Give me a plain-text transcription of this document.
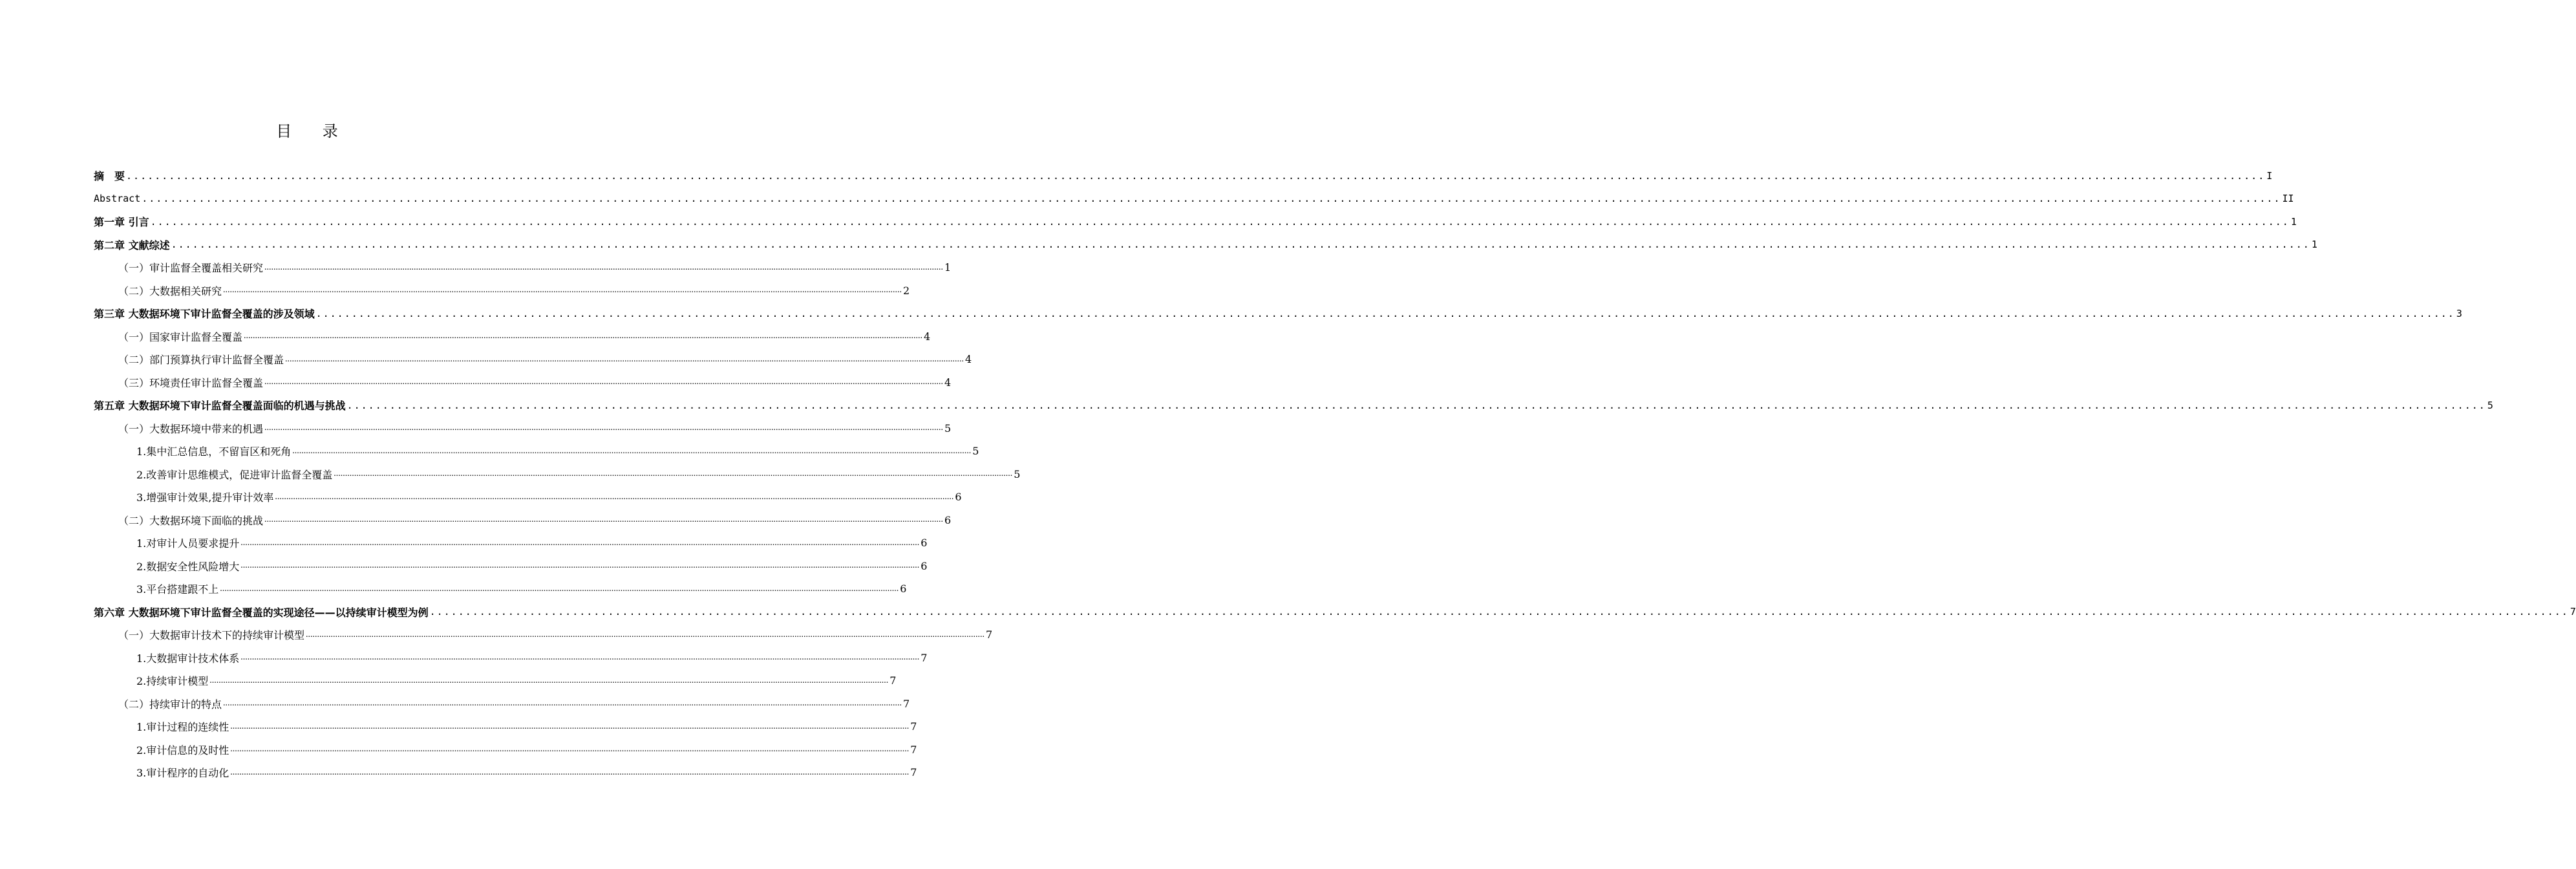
目 录
摘　要 ............................................................................................................................................................................................................................................................................................................ I
Abstract ............................................................................................................................................................................................................................................................................................................ II
第一章 引言 ............................................................................................................................................................................................................................................................................................................ 1
第二章 文献综述 ............................................................................................................................................................................................................................................................................................................ 1
（一）审计监督全覆盖相关研究 ............................................................................................................................................................................................................................................................................................................ 1
（二）大数据相关研究 ............................................................................................................................................................................................................................................................................................................ 2
第三章 大数据环境下审计监督全覆盖的涉及领域 ............................................................................................................................................................................................................................................................................................................ 3
（一）国家审计监督全覆盖 ............................................................................................................................................................................................................................................................................................................ 4
（二）部门预算执行审计监督全覆盖 ............................................................................................................................................................................................................................................................................................................ 4
（三）环境责任审计监督全覆盖 ............................................................................................................................................................................................................................................................................................................ 4
第五章 大数据环境下审计监督全覆盖面临的机遇与挑战 ............................................................................................................................................................................................................................................................................................................ 5
（一）大数据环境中带来的机遇 ............................................................................................................................................................................................................................................................................................................ 5
1.集中汇总信息，不留盲区和死角 ............................................................................................................................................................................................................................................................................................................ 5
2.改善审计思维模式，促进审计监督全覆盖 ............................................................................................................................................................................................................................................................................................................ 5
3.增强审计效果,提升审计效率 ............................................................................................................................................................................................................................................................................................................ 6
（二）大数据环境下面临的挑战 ............................................................................................................................................................................................................................................................................................................ 6
1.对审计人员要求提升 ............................................................................................................................................................................................................................................................................................................ 6
2.数据安全性风险增大 ............................................................................................................................................................................................................................................................................................................ 6
3.平台搭建跟不上 ............................................................................................................................................................................................................................................................................................................ 6
第六章 大数据环境下审计监督全覆盖的实现途径——以持续审计模型为例 ............................................................................................................................................................................................................................................................................................................ 7
（一）大数据审计技术下的持续审计模型 ............................................................................................................................................................................................................................................................................................................ 7
1.大数据审计技术体系 ............................................................................................................................................................................................................................................................................................................ 7
2.持续审计模型 ............................................................................................................................................................................................................................................................................................................ 7
（二）持续审计的特点 ............................................................................................................................................................................................................................................................................................................ 7
1.审计过程的连续性 ............................................................................................................................................................................................................................................................................................................ 7
2.审计信息的及时性 ............................................................................................................................................................................................................................................................................................................ 7
3.审计程序的自动化 ............................................................................................................................................................................................................................................................................................................ 7
